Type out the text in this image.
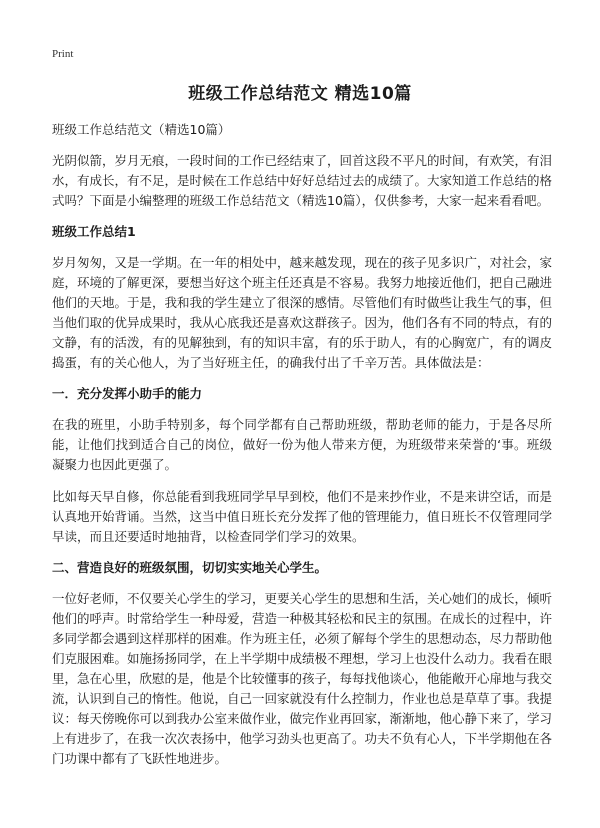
Print
班级工作总结范文 精选10篇
班级工作总结范文（精选10篇）

光阴似箭，岁月无痕，一段时间的工作已经结束了，回首这段不平凡的时间，有欢笑，有泪水，有成长，有不足，是时候在工作总结中好好总结过去的成绩了。大家知道工作总结的格式吗？下面是小编整理的班级工作总结范文（精选10篇），仅供参考，大家一起来看看吧。

班级工作总结1

岁月匆匆，又是一学期。在一年的相处中，越来越发现，现在的孩子见多识广，对社会，家庭，环境的了解更深，要想当好这个班主任还真是不容易。我努力地接近他们，把自己融进他们的天地。于是，我和我的学生建立了很深的感情。尽管他们有时做些让我生气的事，但当他们取的优异成果时，我从心底我还是喜欢这群孩子。因为，他们各有不同的特点，有的文静，有的活泼，有的见解独到，有的知识丰富，有的乐于助人，有的心胸宽广，有的调皮捣蛋，有的关心他人，为了当好班主任，的确我付出了千辛万苦。具体做法是：

一．充分发挥小助手的能力

在我的班里，小助手特别多，每个同学都有自己帮助班级，帮助老师的能力，于是各尽所能，让他们找到适合自己的岗位，做好一份为他人带来方便，为班级带来荣誉的‘事。班级凝聚力也因此更强了。

比如每天早自修，你总能看到我班同学早早到校，他们不是来抄作业，不是来讲空话，而是认真地开始背诵。当然，这当中值日班长充分发挥了他的管理能力，值日班长不仅管理同学早读，而且还要适时地抽背，以检查同学们学习的效果。

二、营造良好的班级氛围，切切实实地关心学生。

一位好老师，不仅要关心学生的学习，更要关心学生的思想和生活，关心她们的成长，倾听他们的呼声。时常给学生一种母爱，营造一种极其轻松和民主的氛围。在成长的过程中，许多同学都会遇到这样那样的困难。作为班主任，必须了解每个学生的思想动态，尽力帮助他们克服困难。如施扬扬同学，在上半学期中成绩极不理想，学习上也没什么动力。我看在眼里，急在心里，欣慰的是，他是个比较懂事的孩子，每每找他谈心，他能敞开心扉地与我交流，认识到自己的惰性。他说，自己一回家就没有什么控制力，作业也总是草草了事。我提议：每天傍晚你可以到我办公室来做作业，做完作业再回家，渐渐地，他心静下来了，学习上有进步了，在我一次次表扬中，他学习劲头也更高了。功夫不负有心人，下半学期他在各门功课中都有了飞跃性地进步。
